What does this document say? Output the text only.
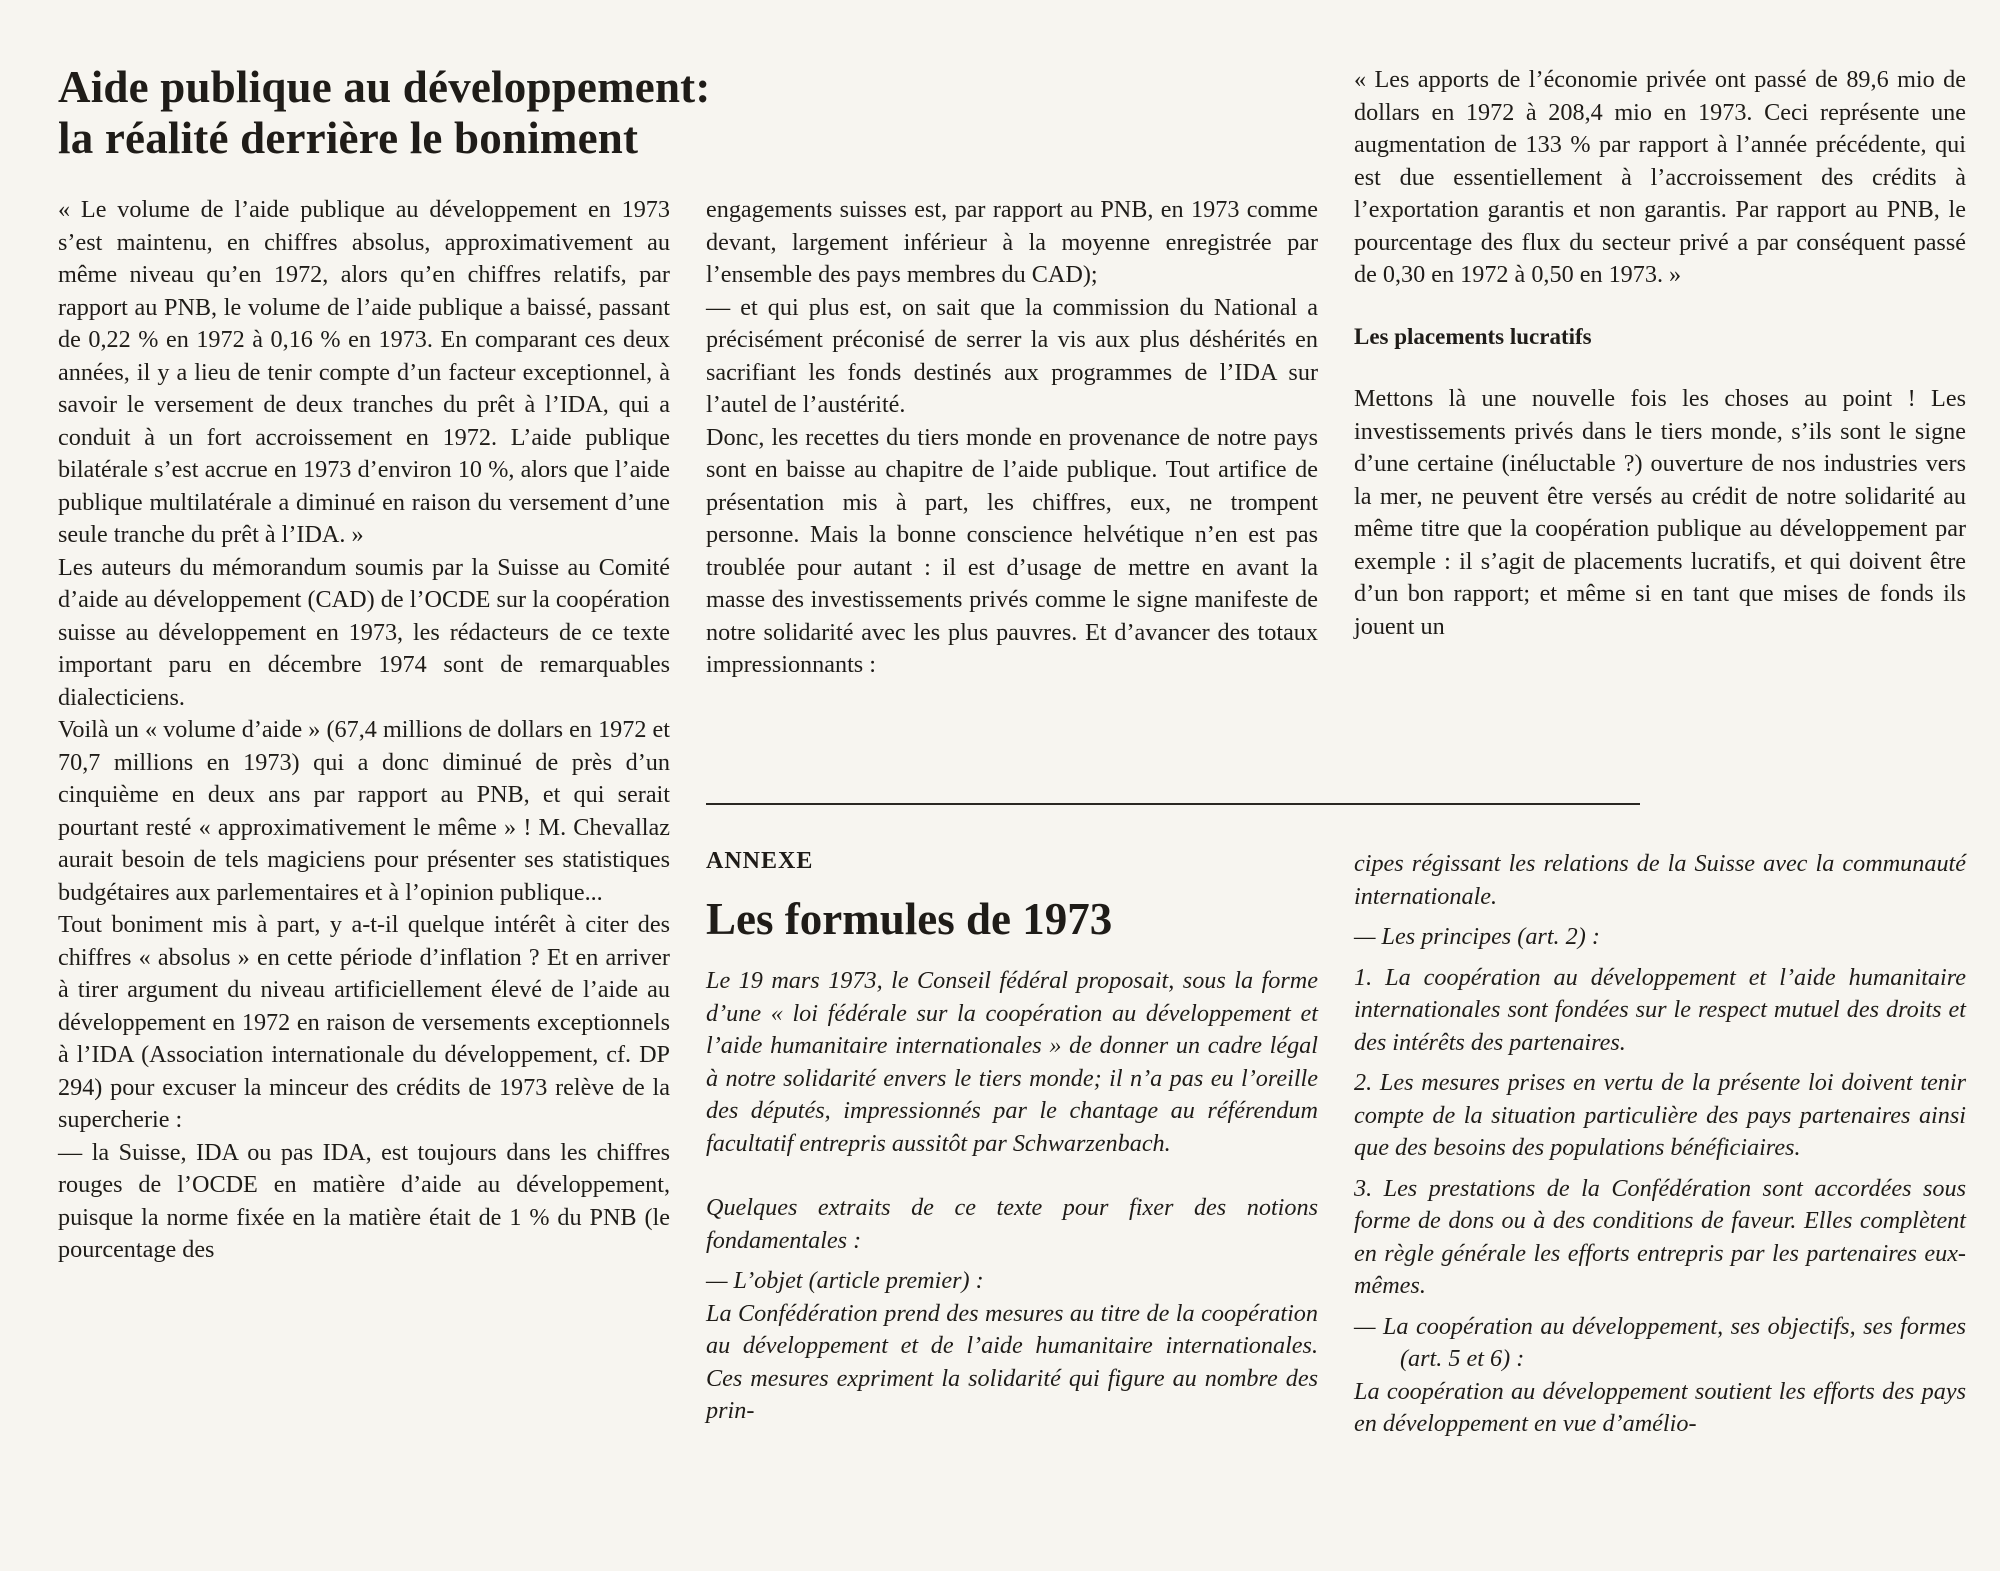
Aide publique au développement:
la réalité derrière le boniment

« Le volume de l’aide publique au développement en 1973 s’est maintenu, en chiffres absolus, approximativement au même niveau qu’en 1972, alors qu’en chiffres relatifs, par rapport au PNB, le volume de l’aide publique a baissé, passant de 0,22 % en 1972 à 0,16 % en 1973. En comparant ces deux années, il y a lieu de tenir compte d’un facteur exceptionnel, à savoir le versement de deux tranches du prêt à l’IDA, qui a conduit à un fort accroissement en 1972. L’aide publique bilatérale s’est accrue en 1973 d’environ 10 %, alors que l’aide publique multilatérale a diminué en raison du versement d’une seule tranche du prêt à l’IDA. »

Les auteurs du mémorandum soumis par la Suisse au Comité d’aide au développement (CAD) de l’OCDE sur la coopération suisse au développement en 1973, les rédacteurs de ce texte important paru en décembre 1974 sont de remarquables dialecticiens.

Voilà un « volume d’aide » (67,4 millions de dollars en 1972 et 70,7 millions en 1973) qui a donc diminué de près d’un cinquième en deux ans par rapport au PNB, et qui serait pourtant resté « approximativement le même » ! M. Chevallaz aurait besoin de tels magiciens pour présenter ses statistiques budgétaires aux parlementaires et à l’opinion publique...

Tout boniment mis à part, y a-t-il quelque intérêt à citer des chiffres « absolus » en cette période d’inflation ? Et en arriver à tirer argument du niveau artificiellement élevé de l’aide au développement en 1972 en raison de versements exceptionnels à l’IDA (Association internationale du développement, cf. DP 294) pour excuser la minceur des crédits de 1973 relève de la supercherie :

— la Suisse, IDA ou pas IDA, est toujours dans les chiffres rouges de l’OCDE en matière d’aide au développement, puisque la norme fixée en la matière était de 1 % du PNB (le pourcentage des

engagements suisses est, par rapport au PNB, en 1973 comme devant, largement inférieur à la moyenne enregistrée par l’ensemble des pays membres du CAD);

— et qui plus est, on sait que la commission du National a précisément préconisé de serrer la vis aux plus déshérités en sacrifiant les fonds destinés aux programmes de l’IDA sur l’autel de l’austérité.

Donc, les recettes du tiers monde en provenance de notre pays sont en baisse au chapitre de l’aide publique. Tout artifice de présentation mis à part, les chiffres, eux, ne trompent personne. Mais la bonne conscience helvétique n’en est pas troublée pour autant : il est d’usage de mettre en avant la masse des investissements privés comme le signe manifeste de notre solidarité avec les plus pauvres. Et d’avancer des totaux impressionnants :

« Les apports de l’économie privée ont passé de 89,6 mio de dollars en 1972 à 208,4 mio en 1973. Ceci représente une augmentation de 133 % par rapport à l’année précédente, qui est due essentiellement à l’accroissement des crédits à l’exportation garantis et non garantis. Par rapport au PNB, le pourcentage des flux du secteur privé a par conséquent passé de 0,30 en 1972 à 0,50 en 1973. »

Les placements lucratifs

Mettons là une nouvelle fois les choses au point ! Les investissements privés dans le tiers monde, s’ils sont le signe d’une certaine (inéluctable ?) ouverture de nos industries vers la mer, ne peuvent être versés au crédit de notre solidarité au même titre que la coopération publique au développement par exemple : il s’agit de placements lucratifs, et qui doivent être d’un bon rapport; et même si en tant que mises de fonds ils jouent un

ANNEXE

Les formules de 1973

Le 19 mars 1973, le Conseil fédéral proposait, sous la forme d’une « loi fédérale sur la coopération au développement et l’aide humanitaire internationales » de donner un cadre légal à notre solidarité envers le tiers monde; il n’a pas eu l’oreille des députés, impressionnés par le chantage au référendum facultatif entrepris aussitôt par Schwarzenbach.

Quelques extraits de ce texte pour fixer des notions fondamentales :

— L’objet (article premier) :

La Confédération prend des mesures au titre de la coopération au développement et de l’aide humanitaire internationales. Ces mesures expriment la solidarité qui figure au nombre des prin-

cipes régissant les relations de la Suisse avec la communauté internationale.

— Les principes (art. 2) :

1. La coopération au développement et l’aide humanitaire internationales sont fondées sur le respect mutuel des droits et des intérêts des partenaires.

2. Les mesures prises en vertu de la présente loi doivent tenir compte de la situation particulière des pays partenaires ainsi que des besoins des populations bénéficiaires.

3. Les prestations de la Confédération sont accordées sous forme de dons ou à des conditions de faveur. Elles complètent en règle générale les efforts entrepris par les partenaires eux-mêmes.

— La coopération au développement, ses objectifs, ses formes (art. 5 et 6) :

La coopération au développement soutient les efforts des pays en développement en vue d’amélio-
